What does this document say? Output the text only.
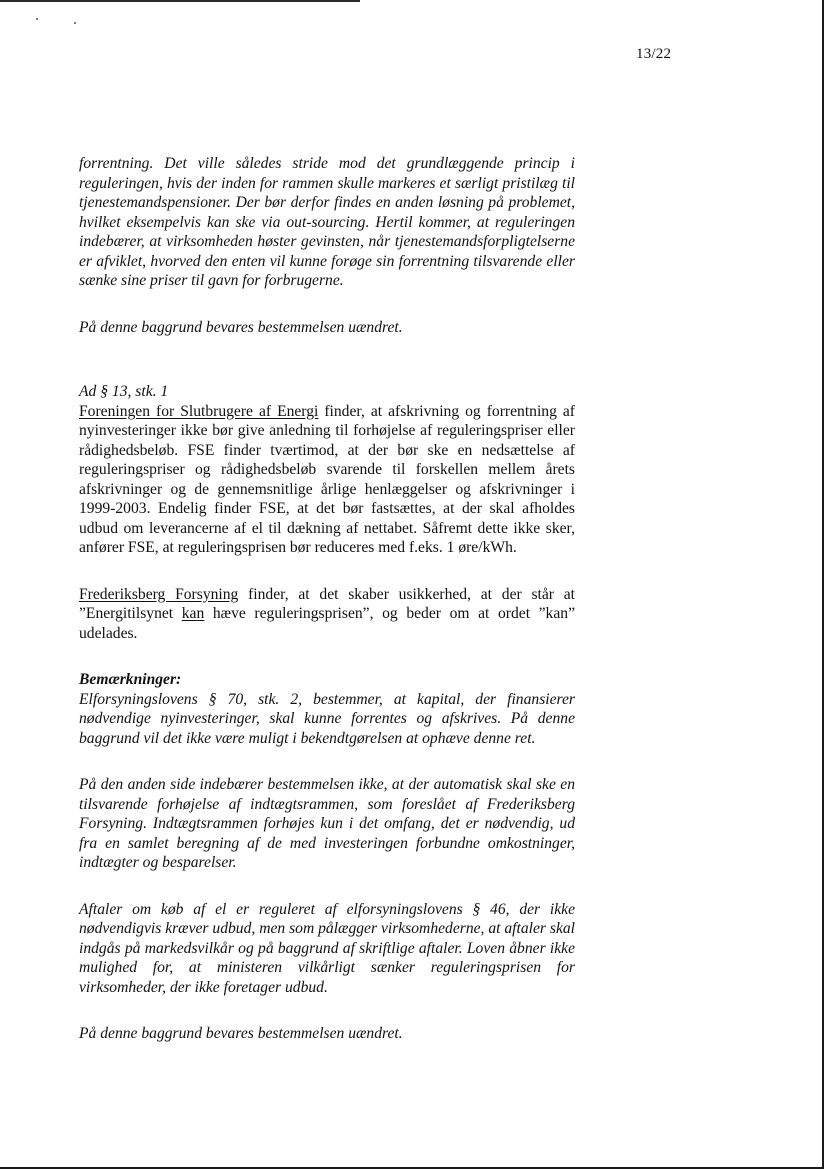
13/22

forrentning. Det ville således stride mod det grundlæggende princip i reguleringen, hvis der inden for rammen skulle markeres et særligt pristilæg til tjenestemandspensioner. Der bør derfor findes en anden løsning på problemet, hvilket eksempelvis kan ske via out-sourcing. Hertil kommer, at reguleringen indebærer, at virksomheden høster gevinsten, når tjenestemandsforpligtelserne er afviklet, hvorved den enten vil kunne forøge sin forrentning tilsvarende eller sænke sine priser til gavn for forbrugerne.

På denne baggrund bevares bestemmelsen uændret.

Ad § 13, stk. 1

Foreningen for Slutbrugere af Energi finder, at afskrivning og forrentning af nyinvesteringer ikke bør give anledning til forhøjelse af reguleringspriser eller rådighedsbeløb. FSE finder tværtimod, at der bør ske en nedsættelse af reguleringspriser og rådighedsbeløb svarende til forskellen mellem årets afskrivninger og de gennemsnitlige årlige henlæggelser og afskrivninger i 1999-2003. Endelig finder FSE, at det bør fastsættes, at der skal afholdes udbud om leverancerne af el til dækning af nettabet. Såfremt dette ikke sker, anfører FSE, at reguleringsprisen bør reduceres med f.eks. 1 øre/kWh.

Frederiksberg Forsyning finder, at det skaber usikkerhed, at der står at ”Energitilsynet kan hæve reguleringsprisen”, og beder om at ordet ”kan” udelades.

Bemærkninger:

Elforsyningslovens § 70, stk. 2, bestemmer, at kapital, der finansierer nødvendige nyinvesteringer, skal kunne forrentes og afskrives. På denne baggrund vil det ikke være muligt i bekendtgørelsen at ophæve denne ret.

På den anden side indebærer bestemmelsen ikke, at der automatisk skal ske en tilsvarende forhøjelse af indtægtsrammen, som foreslået af Frederiksberg Forsyning. Indtægtsrammen forhøjes kun i det omfang, det er nødvendig, ud fra en samlet beregning af de med investeringen forbundne omkostninger, indtægter og besparelser.

Aftaler om køb af el er reguleret af elforsyningslovens § 46, der ikke nødvendigvis kræver udbud, men som pålægger virksomhederne, at aftaler skal indgås på markedsvilkår og på baggrund af skriftlige aftaler. Loven åbner ikke mulighed for, at ministeren vilkårligt sænker reguleringsprisen for virksomheder, der ikke foretager udbud.

På denne baggrund bevares bestemmelsen uændret.
